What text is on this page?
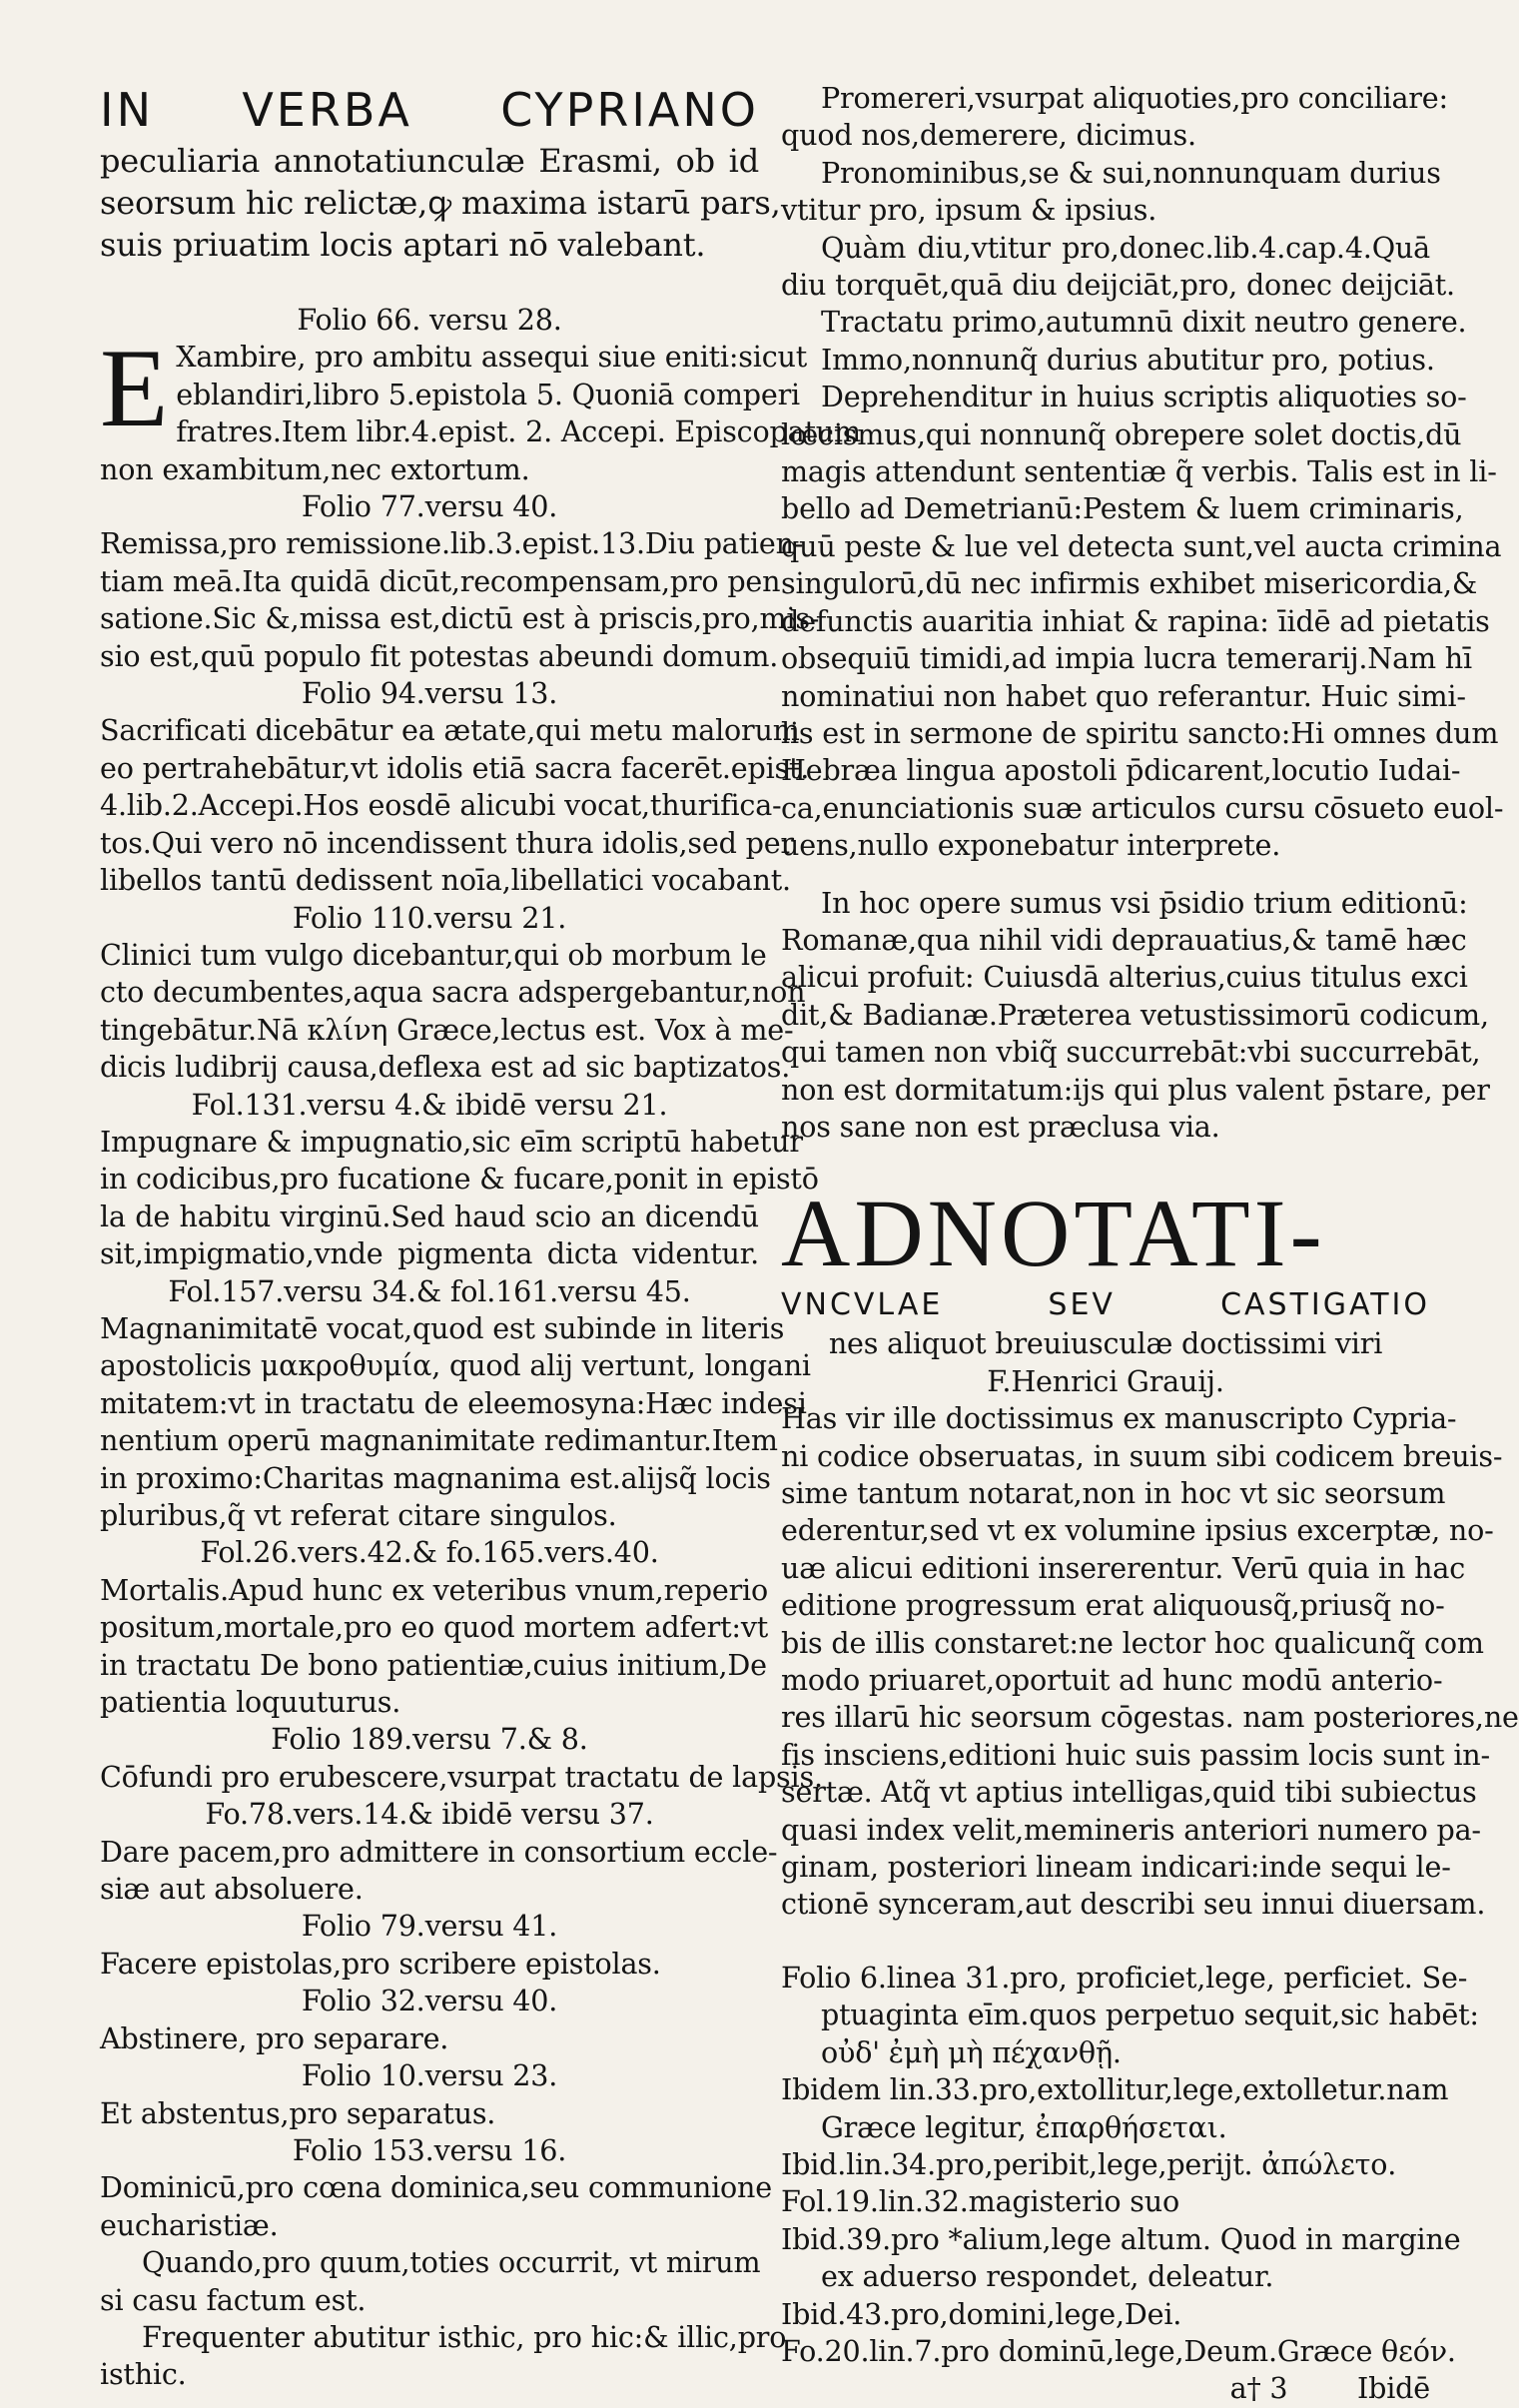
IN VERBA CYPRIANO
peculiaria annotatiunculæ Erasmi, ob id
seorsum hic relictæ,ꝙ maxima istarū pars,
suis priuatim locis aptari nō valebant.
Folio 66. versu 28.
E Xambire, pro ambitu assequi siue eniti:sicut
eblandiri,libro 5.epistola 5. Quoniā comperi
fratres.Item libr.4.epist. 2. Accepi. Episcopatum
non exambitum,nec extortum.
Folio 77.versu 40.
Remissa,pro remissione.lib.3.epist.13.Diu patien-
tiam meā.Ita quidā dicūt,recompensam,pro pen
satione.Sic &,missa est,dictū est à priscis,pro,mis-
sio est,quū populo fit potestas abeundi domum.
Folio 94.versu 13.
Sacrificati dicebātur ea ætate,qui metu malorum
eo pertrahebātur,vt idolis etiā sacra facerēt.epist.
4.lib.2.Accepi.Hos eosdē alicubi vocat,thurifica-
tos.Qui vero nō incendissent thura idolis,sed per
libellos tantū dedissent noīa,libellatici vocabant.
Folio 110.versu 21.
Clinici tum vulgo dicebantur,qui ob morbum le
cto decumbentes,aqua sacra adspergebantur,non
tingebātur.Nā κλίνη Græce,lectus est. Vox à me-
dicis ludibrij causa,deflexa est ad sic baptizatos.
Fol.131.versu 4.& ibidē versu 21.
Impugnare & impugnatio,sic eīm scriptū habetur
in codicibus,pro fucatione & fucare,ponit in epistō
la de habitu virginū.Sed haud scio an dicendū
sit,impigmatio,vnde pigmenta dicta videntur.
Fol.157.versu 34.& fol.161.versu 45.
Magnanimitatē vocat,quod est subinde in literis
apostolicis μακροθυμία, quod alij vertunt, longani
mitatem:vt in tractatu de eleemosyna:Hæc indesi
nentium operū magnanimitate redimantur.Item
in proximo:Charitas magnanima est.alijsq̃ locis
pluribus,q̃ vt referat citare singulos.
Fol.26.vers.42.& fo.165.vers.40.
Mortalis.Apud hunc ex veteribus vnum,reperio
positum,mortale,pro eo quod mortem adfert:vt
in tractatu De bono patientiæ,cuius initium,De
patientia loquuturus.
Folio 189.versu 7.& 8.
Cōfundi pro erubescere,vsurpat tractatu de lapsis.
Fo.78.vers.14.& ibidē versu 37.
Dare pacem,pro admittere in consortium eccle-
siæ aut absoluere.
Folio 79.versu 41.
Facere epistolas,pro scribere epistolas.
Folio 32.versu 40.
Abstinere, pro separare.
Folio 10.versu 23.
Et abstentus,pro separatus.
Folio 153.versu 16.
Dominicū,pro cœna dominica,seu communione
eucharistiæ.
Quando,pro quum,toties occurrit, vt mirum
si casu factum est.
Frequenter abutitur isthic, pro hic:& illic,pro
isthic.
Promereri,vsurpat aliquoties,pro conciliare:
quod nos,demerere, dicimus.
Pronominibus,se & sui,nonnunquam durius
vtitur pro, ipsum & ipsius.
Quàm diu,vtitur pro,donec.lib.4.cap.4.Quā
diu torquēt,quā diu deijciāt,pro, donec deijciāt.
Tractatu primo,autumnū dixit neutro genere.
Immo,nonnunq̃ durius abutitur pro, potius.
Deprehenditur in huius scriptis aliquoties so-
lœcismus,qui nonnunq̃ obrepere solet doctis,dū
magis attendunt sententiæ q̃ verbis. Talis est in li-
bello ad Demetrianū:Pestem & luem criminaris,
quū peste & lue vel detecta sunt,vel aucta crimina
singulorū,dū nec infirmis exhibet misericordia,&
defunctis auaritia inhiat & rapina: īidē ad pietatis
obsequiū timidi,ad impia lucra temerarij.Nam hī
nominatiui non habet quo referantur. Huic simi-
lis est in sermone de spiritu sancto:Hi omnes dum
Hebræa lingua apostoli p̄dicarent,locutio Iudai-
ca,enunciationis suæ articulos cursu cōsueto euol-
uens,nullo exponebatur interprete.
In hoc opere sumus vsi p̄sidio trium editionū:
Romanæ,qua nihil vidi deprauatius,& tamē hæc
alicui profuit: Cuiusdā alterius,cuius titulus exci
dit,& Badianæ.Præterea vetustissimorū codicum,
qui tamen non vbiq̃ succurrebāt:vbi succurrebāt,
non est dormitatum:ijs qui plus valent p̄stare, per
nos sane non est præclusa via.
ADNOTATI-
VNCVLAE SEV CASTIGATIO
nes aliquot breuiusculæ doctissimi viri
F.Henrici Grauij.
Has vir ille doctissimus ex manuscripto Cypria-
ni codice obseruatas, in suum sibi codicem breuis-
sime tantum notarat,non in hoc vt sic seorsum
ederentur,sed vt ex volumine ipsius excerptæ, no-
uæ alicui editioni insererentur. Verū quia in hac
editione progressum erat aliquousq̃,priusq̃ no-
bis de illis constaret:ne lector hoc qualicunq̃ com
modo priuaret,oportuit ad hunc modū anterio-
res illarū hic seorsum cōgestas. nam posteriores,ne
fis insciens,editioni huic suis passim locis sunt in-
sertæ. Atq̃ vt aptius intelligas,quid tibi subiectus
quasi index velit,memineris anteriori numero pa-
ginam, posteriori lineam indicari:inde sequi le-
ctionē synceram,aut describi seu innui diuersam.
Folio 6.linea 31.pro, proficiet,lege, perficiet. Se-
ptuaginta eīm.quos perpetuo sequit,sic habēt:
οὐδ' ἐμὴ μὴ πέχανθῇ.
Ibidem lin.33.pro,extollitur,lege,extolletur.nam
Græce legitur, ἐπαρθήσεται.
Ibid.lin.34.pro,peribit,lege,perijt. ἀπώλετο.
Fol.19.lin.32.magisterio suo
Ibid.39.pro *alium,lege altum. Quod in margine
ex aduerso respondet, deleatur.
Ibid.43.pro,domini,lege,Dei.
Fo.20.lin.7.pro dominū,lege,Deum.Græce θεόν.
a† 3 Ibidē
